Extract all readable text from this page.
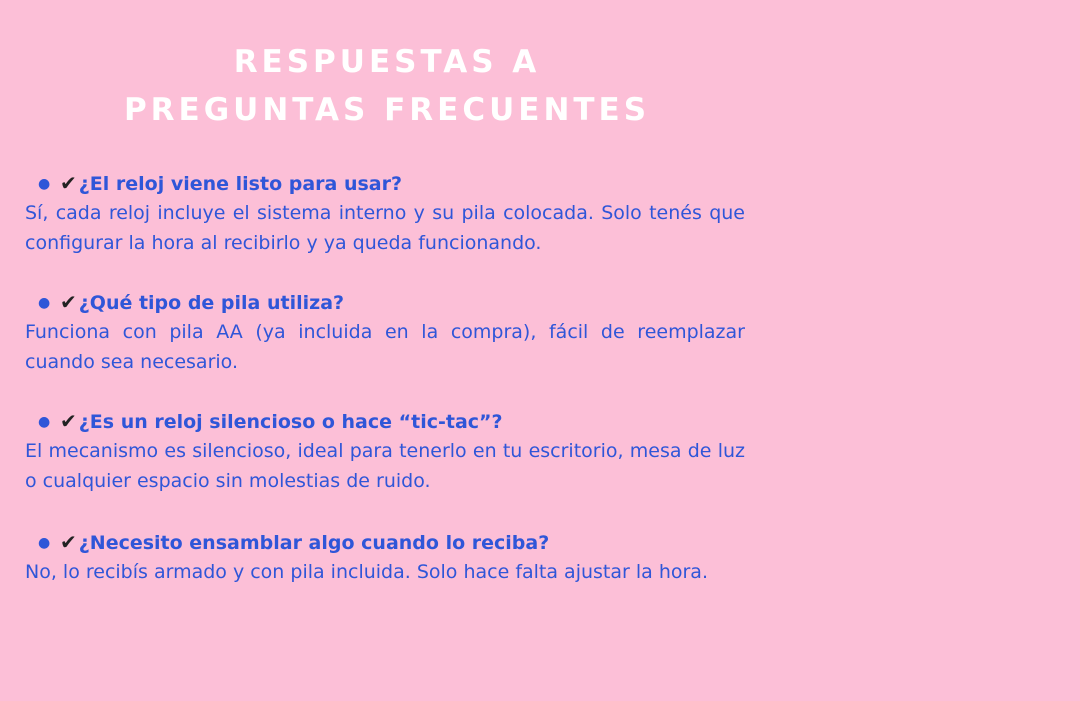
RESPUESTAS A
PREGUNTAS FRECUENTES
● ✔ ¿El reloj viene listo para usar?

Sí, cada reloj incluye el sistema interno y su pila colocada. Solo tenés que configurar la hora al recibirlo y ya queda funcionando.

● ✔ ¿Qué tipo de pila utiliza?

Funciona con pila AA (ya incluida en la compra), fácil de reemplazar cuando sea necesario.

● ✔ ¿Es un reloj silencioso o hace “tic-tac”?

El mecanismo es silencioso, ideal para tenerlo en tu escritorio, mesa de luz o cualquier espacio sin molestias de ruido.

● ✔ ¿Necesito ensamblar algo cuando lo reciba?

No, lo recibís armado y con pila incluida. Solo hace falta ajustar la hora.
